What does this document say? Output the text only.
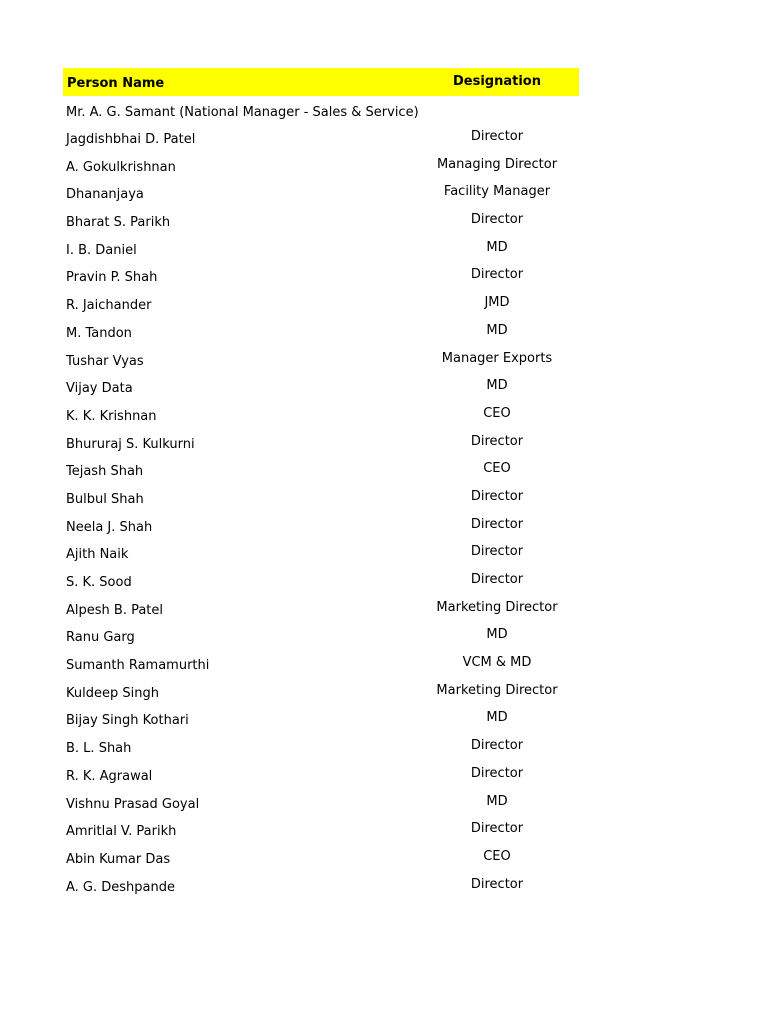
Person Name	Designation
Mr. A. G. Samant (National Manager - Sales & Service)
Jagdishbhai D. Patel	Director
A. Gokulkrishnan	Managing Director
Dhananjaya	Facility Manager
Bharat S. Parikh	Director
I. B. Daniel	MD
Pravin P. Shah	Director
R. Jaichander	JMD
M. Tandon	MD
Tushar Vyas	Manager Exports
Vijay Data	MD
K. K. Krishnan	CEO
Bhururaj S. Kulkurni	Director
Tejash Shah	CEO
Bulbul Shah	Director
Neela J. Shah	Director
Ajith Naik	Director
S. K. Sood	Director
Alpesh B. Patel	Marketing Director
Ranu Garg	MD
Sumanth Ramamurthi	VCM & MD
Kuldeep Singh	Marketing Director
Bijay Singh Kothari	MD
B. L. Shah	Director
R. K. Agrawal	Director
Vishnu Prasad Goyal	MD
Amritlal V. Parikh	Director
Abin Kumar Das	CEO
A. G. Deshpande	Director
